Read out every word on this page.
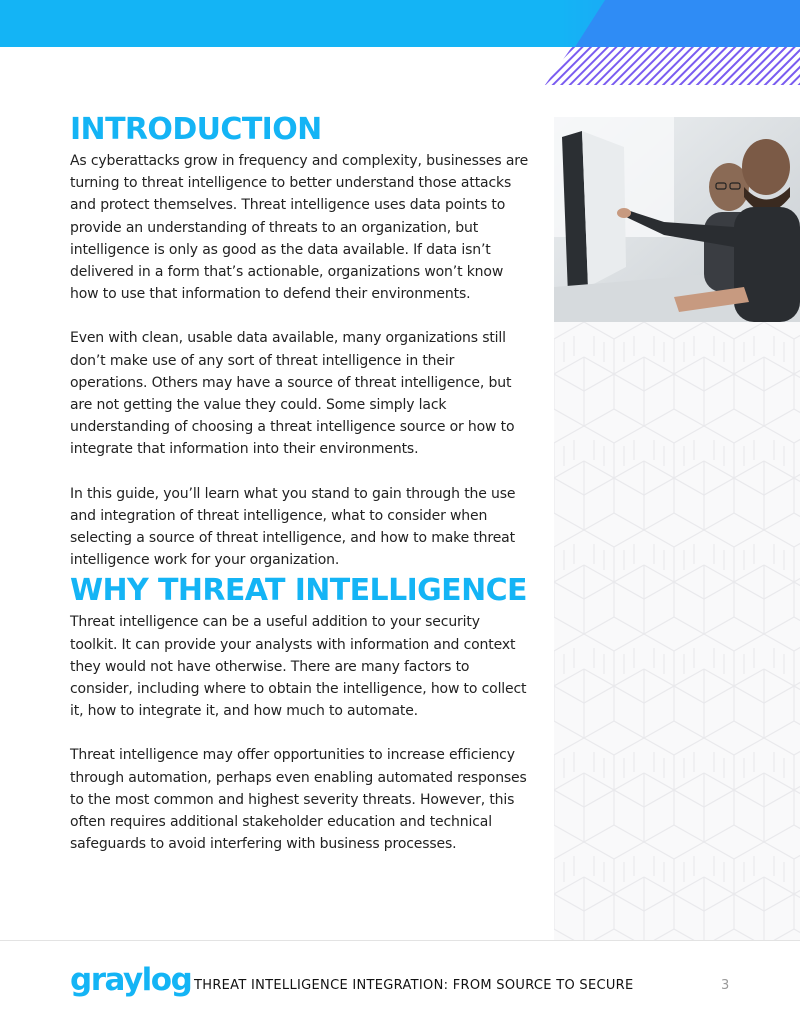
INTRODUCTION

As cyberattacks grow in frequency and complexity, businesses are turning to threat intelligence to better understand those attacks and protect themselves. Threat intelligence uses data points to provide an understanding of threats to an organization, but intelligence is only as good as the data available. If data isn’t delivered in a form that’s actionable, organizations won’t know how to use that information to defend their environments.

Even with clean, usable data available, many organizations still don’t make use of any sort of threat intelligence in their operations. Others may have a source of threat intelligence, but are not getting the value they could. Some simply lack understanding of choosing a threat intelligence source or how to integrate that information into their environments.

In this guide, you’ll learn what you stand to gain through the use and integration of threat intelligence, what to consider when selecting a source of threat intelligence, and how to make threat intelligence work for your organization.

WHY THREAT INTELLIGENCE

Threat intelligence can be a useful addition to your security toolkit. It can provide your analysts with information and context they would not have otherwise. There are many factors to consider, including where to obtain the intelligence, how to collect it, how to integrate it, and how much to automate.

Threat intelligence may offer opportunities to increase efficiency through automation, perhaps even enabling automated responses to the most common and highest severity threats. However, this often requires additional stakeholder education and technical safeguards to avoid interfering with business processes.

graylog THREAT INTELLIGENCE INTEGRATION: FROM SOURCE TO SECURE	3
